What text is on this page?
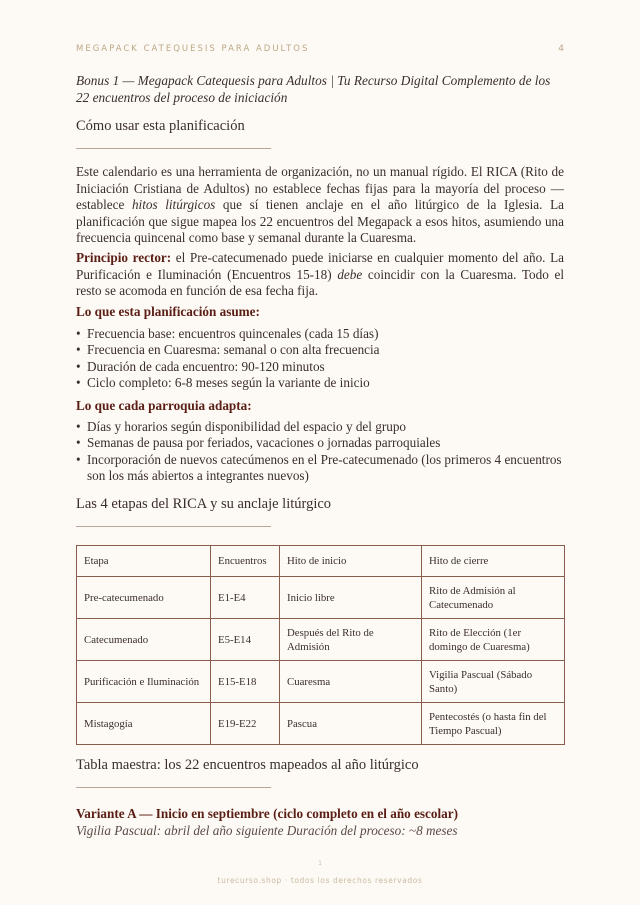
MEGAPACK CATEQUESIS PARA ADULTOS	4
Bonus 1 — Megapack Catequesis para Adultos | Tu Recurso Digital Complemento de los 22 encuentros del proceso de iniciación
Cómo usar esta planificación
Este calendario es una herramienta de organización, no un manual rígido. El RICA (Rito de Iniciación Cristiana de Adultos) no establece fechas fijas para la mayoría del proceso — establece hitos litúrgicos que sí tienen anclaje en el año litúrgico de la Iglesia. La planificación que sigue mapea los 22 encuentros del Megapack a esos hitos, asumiendo una frecuencia quincenal como base y semanal durante la Cuaresma.
Principio rector: el Pre-catecumenado puede iniciarse en cualquier momento del año. La Purificación e Iluminación (Encuentros 15-18) debe coincidir con la Cuaresma. Todo el resto se acomoda en función de esa fecha fija.
Lo que esta planificación asume:
• Frecuencia base: encuentros quincenales (cada 15 días)
• Frecuencia en Cuaresma: semanal o con alta frecuencia
• Duración de cada encuentro: 90-120 minutos
• Ciclo completo: 6-8 meses según la variante de inicio
Lo que cada parroquia adapta:
• Días y horarios según disponibilidad del espacio y del grupo
• Semanas de pausa por feriados, vacaciones o jornadas parroquiales
• Incorporación de nuevos catecúmenos en el Pre-catecumenado (los primeros 4 encuentros son los más abiertos a integrantes nuevos)
Las 4 etapas del RICA y su anclaje litúrgico
Etapa	Encuentros	Hito de inicio	Hito de cierre
Pre-catecumenado	E1-E4	Inicio libre	Rito de Admisión al Catecumenado
Catecumenado	E5-E14	Después del Rito de Admisión	Rito de Elección (1er domingo de Cuaresma)
Purificación e Iluminación	E15-E18	Cuaresma	Vigilia Pascual (Sábado Santo)
Mistagogía	E19-E22	Pascua	Pentecostés (o hasta fin del Tiempo Pascual)
Tabla maestra: los 22 encuentros mapeados al año litúrgico
Variante A — Inicio en septiembre (ciclo completo en el año escolar)
Vigilia Pascual: abril del año siguiente Duración del proceso: ~8 meses
1
turecurso.shop · todos los derechos reservados
